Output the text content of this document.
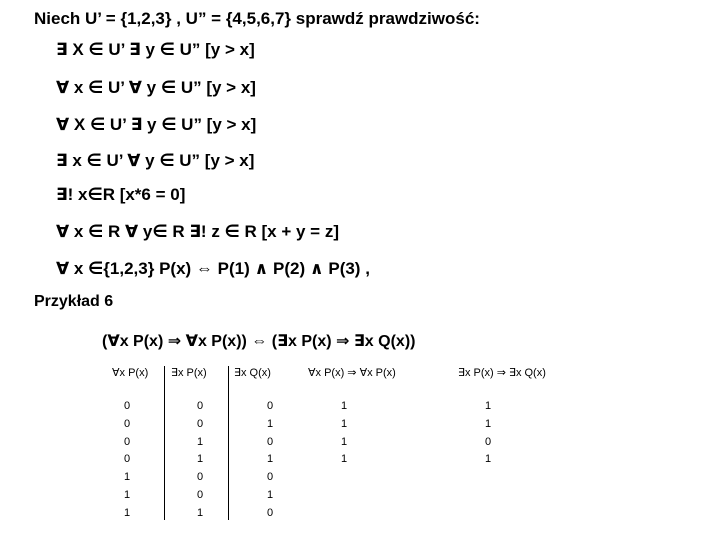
Niech U’ = {1,2,3} , U” = {4,5,6,7} sprawdź prawdziwość:
∃ X ∈ U’ ∃ y ∈ U” [y > x]
∀ x ∈ U’ ∀ y ∈ U” [y > x]
∀ X ∈ U’ ∃ y ∈ U” [y > x]
∃ x ∈ U’ ∀ y ∈ U” [y > x]
∃! x∈R [x*6 = 0]
∀ x ∈ R ∀ y∈ R ∃! z ∈ R [x + y = z]
∀ x ∈{1,2,3} P(x) ⇔ P(1) ∧ P(2) ∧ P(3) ,
Przykład 6
(∀x P(x) ⇒ ∀x P(x)) ⇔ (∃x P(x) ⇒ ∃x Q(x))
∀x P(x) ∃x P(x) ∃x Q(x)	∀x P(x) ⇒ ∀x P(x)	∃x P(x) ⇒ ∃x Q(x)
0
0
0
0
1
1
1
0
0
1
1
0
0
1
0
1
0
1
0
1
0
1
1
1
1
1
1
0
1
